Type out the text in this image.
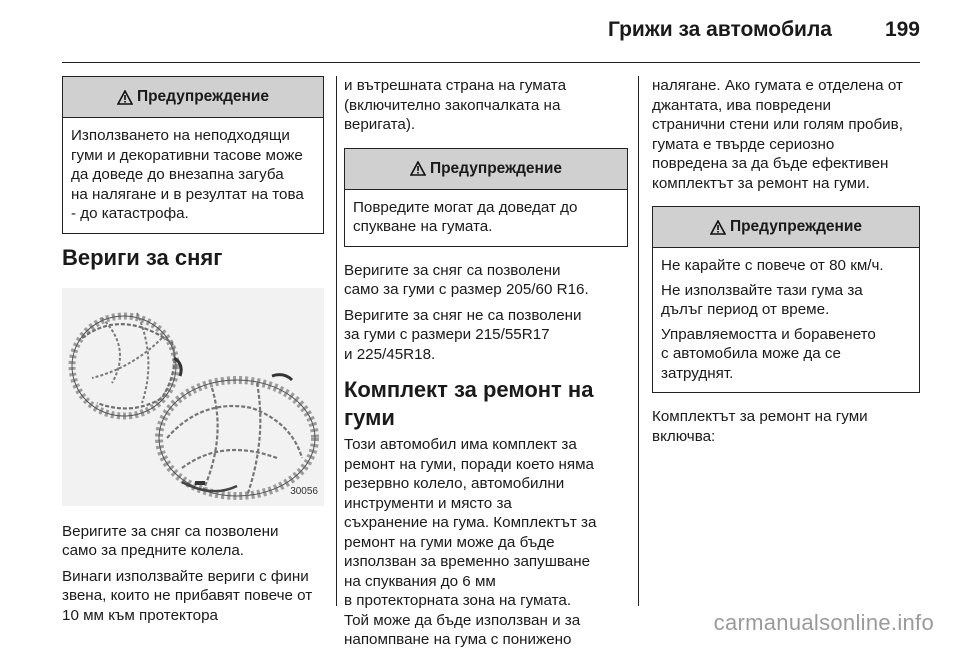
Грижи за автомобила	199
Предупреждение

Използването на неподходящи
гуми и декоративни тасове може
да доведе до внезапна загуба
на налягане и в резултат на това
- до катастрофа.

Вериги за сняг
30056

Веригите за сняг са позволени
само за предните колела.

Винаги използвайте вериги с фини
звена, които не прибавят повече от
10 мм към протектора

и вътрешната страна на гумата
(включително закопчалката на
веригата).

Предупреждение

Повредите могат да доведат до
спукване на гумата.

Веригите за сняг са позволени
само за гуми с размер 205/60 R16.

Веригите за сняг не са позволени
за гуми с размери 215/55R17
и 225/45R18.

Комплект за ремонт на
гуми

Този автомобил има комплект за
ремонт на гуми, поради което няма
резервно колело, автомобилни
инструменти и място за
съхранение на гума. Комплектът за
ремонт на гуми може да бъде
използван за временно запушване
на спуквания до 6 мм
в протекторната зона на гумата.
Той може да бъде използван и за
напомпване на гума с понижено

налягане. Ако гумата е отделена от
джантата, ива повредени
странични стени или голям пробив,
гумата е твърде сериозно
повредена за да бъде ефективен
комплектът за ремонт на гуми.

Предупреждение

Не карайте с повече от 80 км/ч.

Не използвайте тази гума за
дълъг период от време.

Управляемостта и боравенето
с автомобила може да се
затруднят.

Комплектът за ремонт на гуми
включва:

carmanualsonline.info
